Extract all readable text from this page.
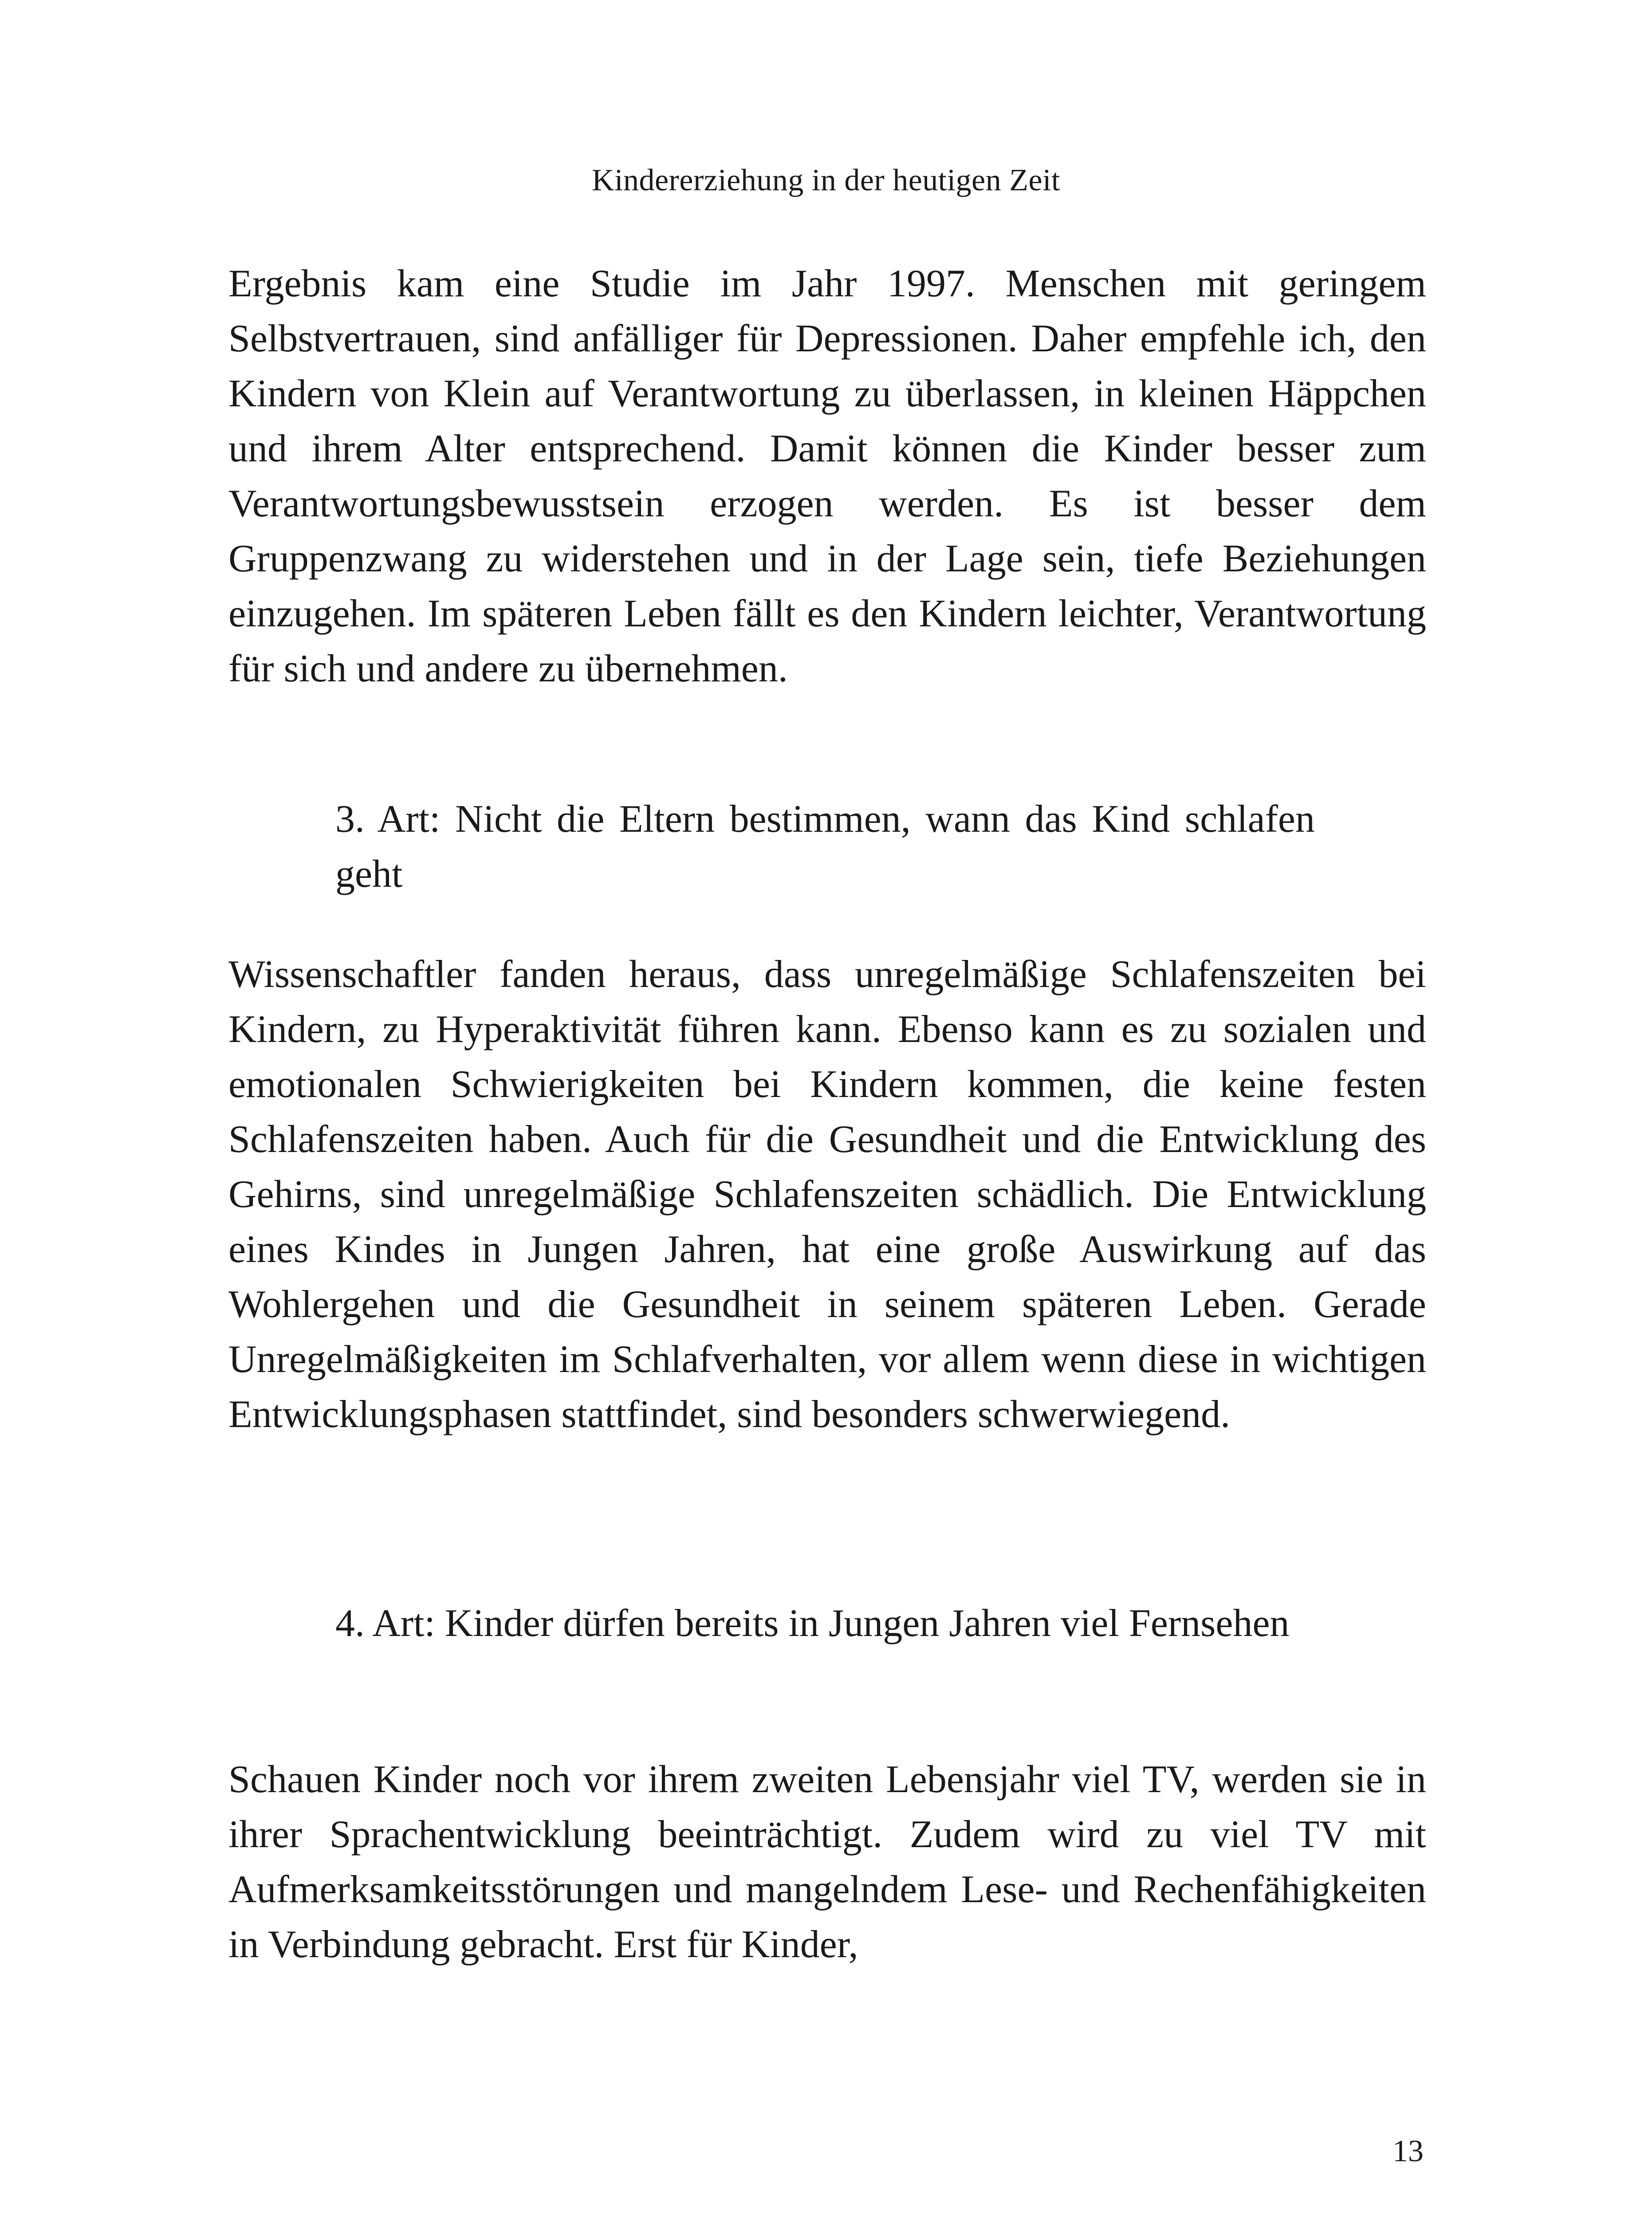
Kindererziehung in der heutigen Zeit

Ergebnis kam eine Studie im Jahr 1997. Menschen mit geringem Selbstvertrauen, sind anfälliger für Depressionen. Daher empfehle ich, den Kindern von Klein auf Verantwortung zu überlassen, in kleinen Häppchen und ihrem Alter entsprechend. Damit können die Kinder besser zum Verantwortungsbewusstsein erzogen werden. Es ist besser dem Gruppenzwang zu widerstehen und in der Lage sein, tiefe Beziehungen einzugehen. Im späteren Leben fällt es den Kindern leichter, Verantwortung für sich und andere zu übernehmen.

3. Art: Nicht die Eltern bestimmen, wann das Kind schlafen geht

Wissenschaftler fanden heraus, dass unregelmäßige Schlafenszeiten bei Kindern, zu Hyperaktivität führen kann. Ebenso kann es zu sozialen und emotionalen Schwierigkeiten bei Kindern kommen, die keine festen Schlafenszeiten haben. Auch für die Gesundheit und die Entwicklung des Gehirns, sind unregelmäßige Schlafenszeiten schädlich. Die Entwicklung eines Kindes in Jungen Jahren, hat eine große Auswirkung auf das Wohlergehen und die Gesundheit in seinem späteren Leben. Gerade Unregelmäßigkeiten im Schlafverhalten, vor allem wenn diese in wichtigen Entwicklungsphasen stattfindet, sind besonders schwerwiegend.

4. Art: Kinder dürfen bereits in Jungen Jahren viel Fernsehen

Schauen Kinder noch vor ihrem zweiten Lebensjahr viel TV, werden sie in ihrer Sprachentwicklung beeinträchtigt. Zudem wird zu viel TV mit Aufmerksamkeitsstörungen und mangelndem Lese- und Rechenfähigkeiten in Verbindung gebracht. Erst für Kinder,

13
